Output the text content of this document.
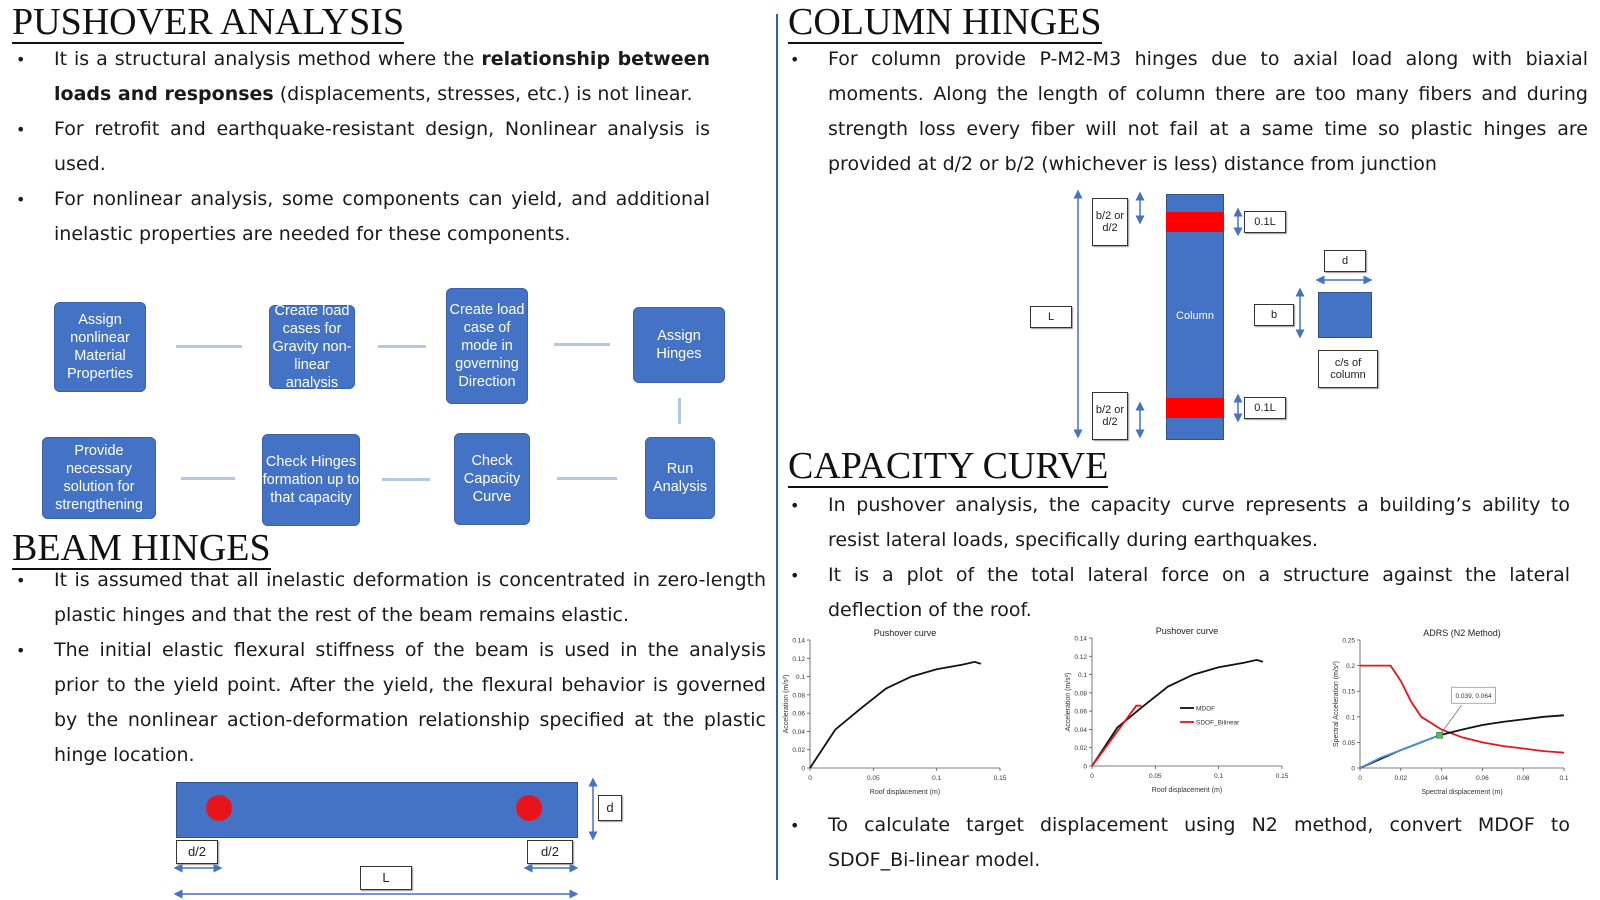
PUSHOVER ANALYSIS
• It is a structural analysis method where the relationship between loads and responses (displacements, stresses, etc.) is not linear.
• For retrofit and earthquake-resistant design, Nonlinear analysis is used.
• For nonlinear analysis, some components can yield, and additional inelastic properties are needed for these components.
Assign nonlinear Material Properties
Create load cases for Gravity non-linear analysis
Create load case of mode in governing Direction
Assign Hinges
Run Analysis
Check Capacity Curve
Check Hinges formation up to that capacity
Provide necessary solution for strengthening
BEAM HINGES
• It is assumed that all inelastic deformation is concentrated in zero-length plastic hinges and that the rest of the beam remains elastic.
• The initial elastic flexural stiffness of the beam is used in the analysis prior to the yield point. After the yield, the flexural behavior is governed by the nonlinear action-deformation relationship specified at the plastic hinge location.
d
d/2	d/2
L
COLUMN HINGES
• For column provide P-M2-M3 hinges due to axial load along with biaxial moments. Along the length of column there are too many fibers and during strength loss every fiber will not fail at a same time so plastic hinges are provided at d/2 or b/2 (whichever is less) distance from junction
Column
b/2 or d/2
b/2 or d/2
0.1L
0.1L
L
d
b
c/s of column
CAPACITY CURVE
• In pushover analysis, the capacity curve represents a building’s ability to resist lateral loads, specifically during earthquakes.
• It is a plot of the total lateral force on a structure against the lateral deflection of the roof.
Pushover curve
0
0.02
0.04
0.06
0.08
0.1
0.12
0.14
0	0.05	0.1	0.15
Roof displacement (m)
Acceleration (m/s²)
Pushover curve
0
0.02
0.04
0.06
0.08
0.1
0.12
0.14
0	0.05	0.1	0.15
Roof displacement (m)
Acceleration (m/s²)	MDOF
SDOF_Bilinear
ADRS (N2 Method)
0
0.05
0.1
0.15
0.2
0.25
0	0.02	0.04	0.06	0.08	0.1
Spectral displacement (m)
Spectral Acceleration (m/s²)	0.039, 0.064
• To calculate target displacement using N2 method, convert MDOF to SDOF_Bi-linear model.
